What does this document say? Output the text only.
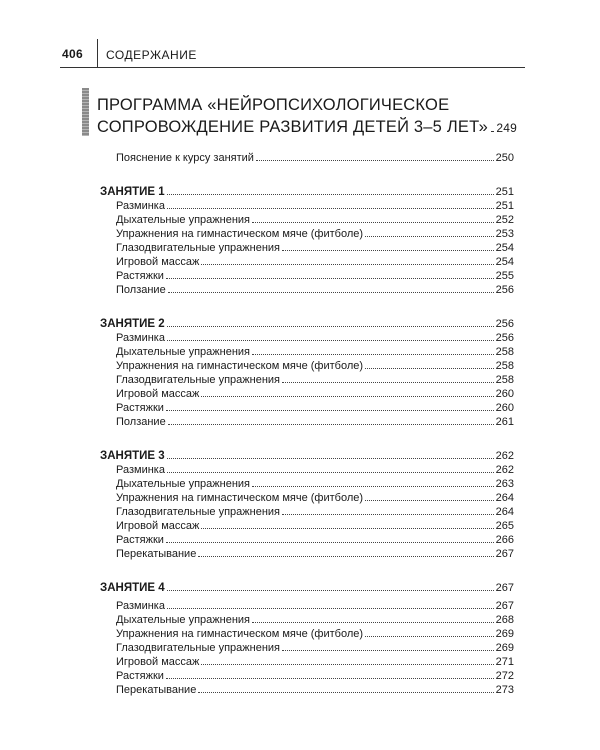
406 СОДЕРЖАНИЕ
ПРОГРАММА «НЕЙРОПСИХОЛОГИЧЕСКОЕ
СОПРОВОЖДЕНИЕ РАЗВИТИЯ ДЕТЕЙ 3–5 ЛЕТ» 249
Пояснение к курсу занятий	250
ЗАНЯТИЕ 1	251
Разминка	251
Дыхательные упражнения	252
Упражнения на гимнастическом мяче (фитболе)	253
Глазодвигательные упражнения	254
Игровой массаж	254
Растяжки	255
Ползание	256
ЗАНЯТИЕ 2	256
Разминка	256
Дыхательные упражнения	258
Упражнения на гимнастическом мяче (фитболе)	258
Глазодвигательные упражнения	258
Игровой массаж	260
Растяжки	260
Ползание	261
ЗАНЯТИЕ 3	262
Разминка	262
Дыхательные упражнения	263
Упражнения на гимнастическом мяче (фитболе)	264
Глазодвигательные упражнения	264
Игровой массаж	265
Растяжки	266
Перекатывание	267
ЗАНЯТИЕ 4	267
Разминка	267
Дыхательные упражнения	268
Упражнения на гимнастическом мяче (фитболе)	269
Глазодвигательные упражнения	269
Игровой массаж	271
Растяжки	272
Перекатывание	273
